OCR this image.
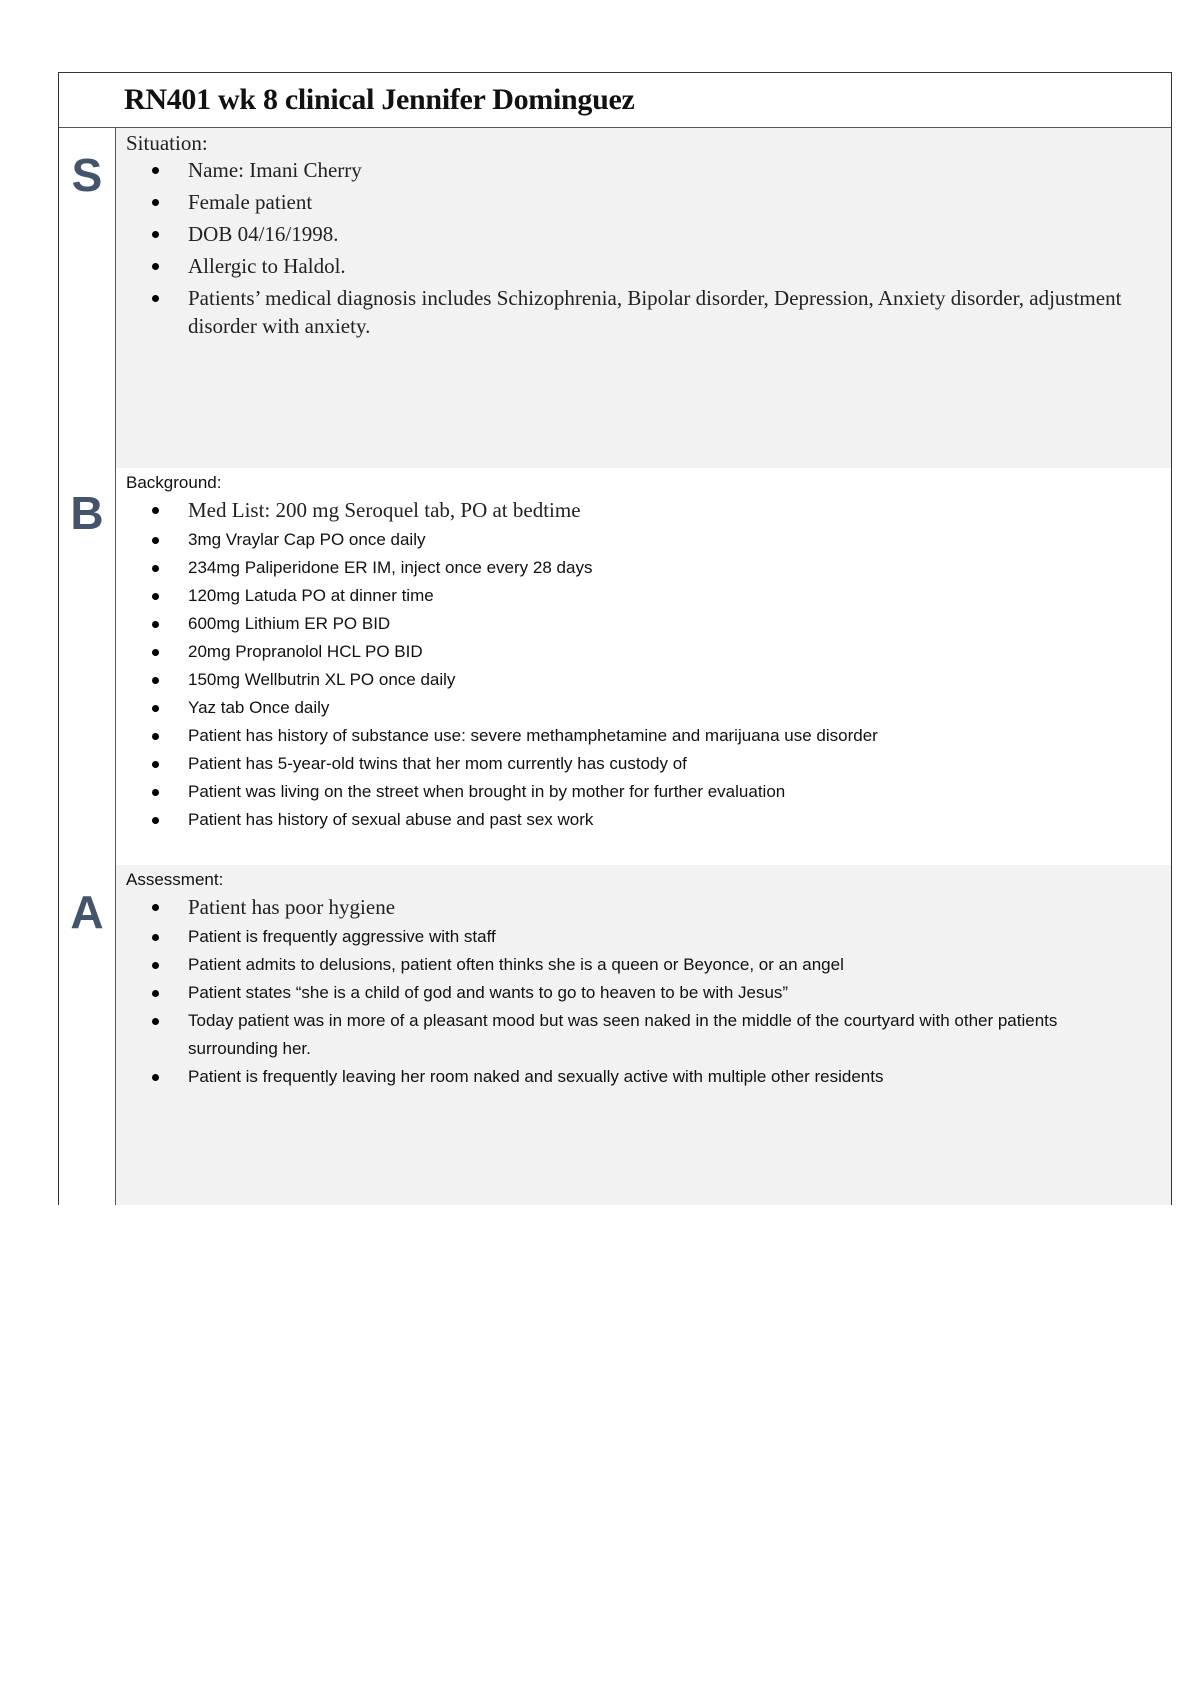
RN401 wk 8 clinical Jennifer Dominguez
S

Situation:

Name: Imani Cherry
Female patient
DOB 04/16/1998.
Allergic to Haldol.
Patients’ medical diagnosis includes Schizophrenia, Bipolar disorder, Depression, Anxiety disorder, adjustment disorder with anxiety.
B

Background:

Med List: 200 mg Seroquel tab, PO at bedtime
3mg Vraylar Cap PO once daily
234mg Paliperidone ER IM, inject once every 28 days
120mg Latuda PO at dinner time
600mg Lithium ER PO BID
20mg Propranolol HCL PO BID
150mg Wellbutrin XL PO once daily
Yaz tab Once daily
Patient has history of substance use: severe methamphetamine and marijuana use disorder
Patient has 5-year-old twins that her mom currently has custody of
Patient was living on the street when brought in by mother for further evaluation
Patient has history of sexual abuse and past sex work
A

Assessment:

Patient has poor hygiene
Patient is frequently aggressive with staff
Patient admits to delusions, patient often thinks she is a queen or Beyonce, or an angel
Patient states “she is a child of god and wants to go to heaven to be with Jesus”
Today patient was in more of a pleasant mood but was seen naked in the middle of the courtyard with other patients surrounding her.
Patient is frequently leaving her room naked and sexually active with multiple other residents
